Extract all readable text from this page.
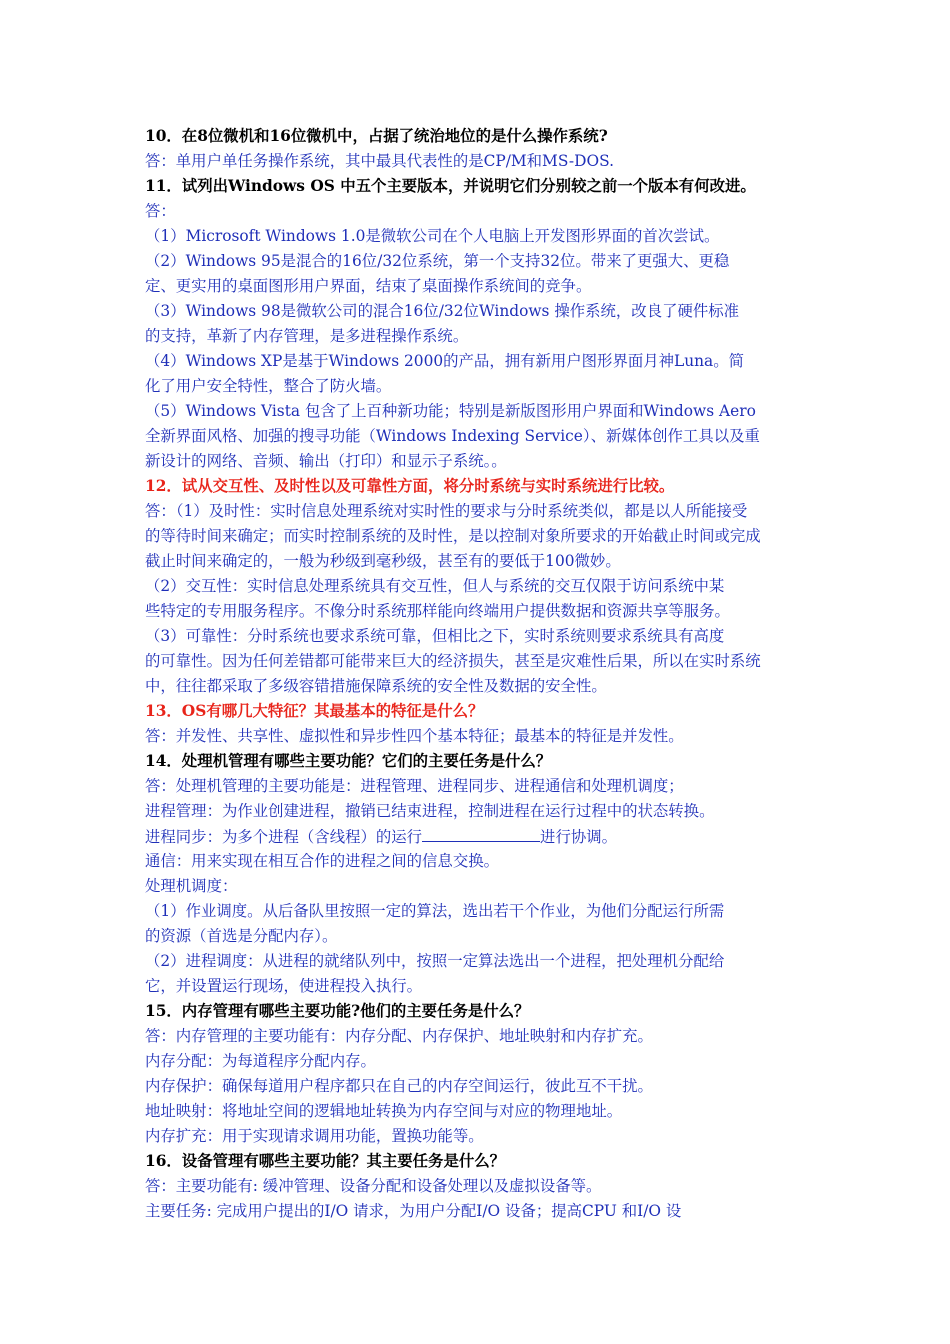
10．在8位微机和16位微机中，占据了统治地位的是什么操作系统?
答：单用户单任务操作系统，其中最具代表性的是CP/M和MS-DOS.
11．试列出Windows OS 中五个主要版本，并说明它们分别较之前一个版本有何改进。
答：
（1）Microsoft Windows 1.0是微软公司在个人电脑上开发图形界面的首次尝试。
（2）Windows 95是混合的16位/32位系统，第一个支持32位。带来了更强大、更稳
定、更实用的桌面图形用户界面，结束了桌面操作系统间的竞争。
（3）Windows 98是微软公司的混合16位/32位Windows 操作系统，改良了硬件标准
的支持，革新了内存管理，是多进程操作系统。
（4）Windows XP是基于Windows 2000的产品，拥有新用户图形界面月神Luna。简
化了用户安全特性，整合了防火墙。
（5）Windows Vista 包含了上百种新功能；特别是新版图形用户界面和Windows Aero
全新界面风格、加强的搜寻功能（Windows Indexing Service）、新媒体创作工具以及重
新设计的网络、音频、输出（打印）和显示子系统。。
12．试从交互性、及时性以及可靠性方面，将分时系统与实时系统进行比较。
答：（1）及时性：实时信息处理系统对实时性的要求与分时系统类似，都是以人所能接受
的等待时间来确定；而实时控制系统的及时性，是以控制对象所要求的开始截止时间或完成
截止时间来确定的，一般为秒级到毫秒级，甚至有的要低于100微妙。
（2）交互性：实时信息处理系统具有交互性，但人与系统的交互仅限于访问系统中某
些特定的专用服务程序。不像分时系统那样能向终端用户提供数据和资源共享等服务。
（3）可靠性：分时系统也要求系统可靠，但相比之下，实时系统则要求系统具有高度
的可靠性。因为任何差错都可能带来巨大的经济损失，甚至是灾难性后果，所以在实时系统
中，往往都采取了多级容错措施保障系统的安全性及数据的安全性。
13．OS有哪几大特征？其最基本的特征是什么？
答：并发性、共享性、虚拟性和异步性四个基本特征；最基本的特征是并发性。
14．处理机管理有哪些主要功能？它们的主要任务是什么？
答：处理机管理的主要功能是：进程管理、进程同步、进程通信和处理机调度；
进程管理：为作业创建进程，撤销已结束进程，控制进程在运行过程中的状态转换。
进程同步：为多个进程（含线程）的运行	进行协调。
通信：用来实现在相互合作的进程之间的信息交换。
处理机调度：
（1）作业调度。从后备队里按照一定的算法，选出若干个作业，为他们分配运行所需
的资源（首选是分配内存）。
（2）进程调度：从进程的就绪队列中，按照一定算法选出一个进程，把处理机分配给
它，并设置运行现场，使进程投入执行。
15．内存管理有哪些主要功能?他们的主要任务是什么？
答：内存管理的主要功能有：内存分配、内存保护、地址映射和内存扩充。
内存分配：为每道程序分配内存。
内存保护：确保每道用户程序都只在自己的内存空间运行，彼此互不干扰。
地址映射：将地址空间的逻辑地址转换为内存空间与对应的物理地址。
内存扩充：用于实现请求调用功能，置换功能等。
16．设备管理有哪些主要功能？其主要任务是什么？
答：主要功能有: 缓冲管理、设备分配和设备处理以及虚拟设备等。
主要任务: 完成用户提出的I/O 请求，为用户分配I/O 设备；提高CPU 和I/O 设
